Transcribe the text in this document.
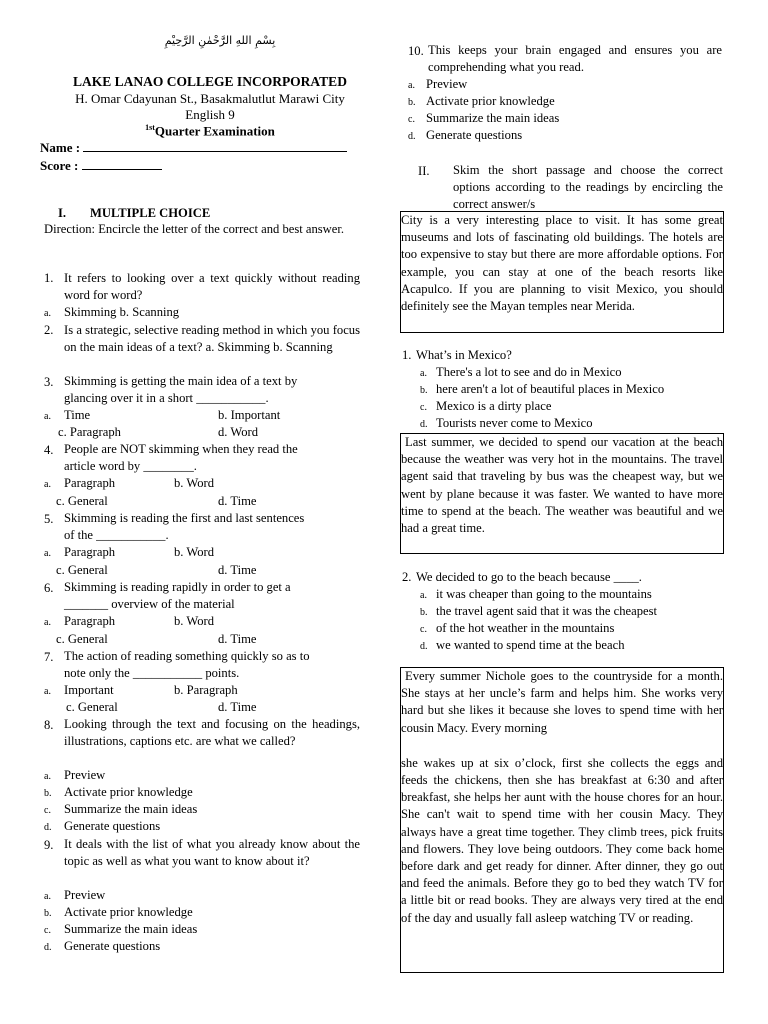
بِسْمِ اللهِ الرَّحْمٰنِ الرَّحِيْمِ
LAKE LANAO COLLEGE INCORPORATED
H. Omar Cdayunan St., Basakmalutlut Marawi City
English 9
$^{1st}$Quarter Examination
Name :
Score :
I. MULTIPLE CHOICE
Direction: Encircle the letter of the correct and best answer.
1. It refers to looking over a text quickly without reading word for word?
a. Skimming b. Scanning
2. Is a strategic, selective reading method in which you focus on the main ideas of a text? a. Skimming b. Scanning
3. Skimming is getting the main idea of a text by
glancing over it in a short ___________.
a. Time	b. Important
c. Paragraph	d. Word
4. People are NOT skimming when they read the
article word by ________.
a. Paragraph	b. Word
c. General	d. Time
5. Skimming is reading the first and last sentences
of the ___________.
a. Paragraph	b. Word
c. General	d. Time
6. Skimming is reading rapidly in order to get a
_______ overview of the material
a. Paragraph	b. Word
c. General	d. Time
7. The action of reading something quickly so as to
note only the ___________ points.
a. Important	b. Paragraph
c. General	d. Time
8. Looking through the text and focusing on the headings, illustrations, captions etc. are what we called?
a. Preview
b. Activate prior knowledge
c. Summarize the main ideas
d. Generate questions
9. It deals with the list of what you already know about the topic as well as what you want to know about it?
a. Preview
b. Activate prior knowledge
c. Summarize the main ideas
d. Generate questions
10. This keeps your brain engaged and ensures you are comprehending what you read.
a. Preview
b. Activate prior knowledge
c. Summarize the main ideas
d. Generate questions
II. Skim the short passage and choose the correct options according to the readings by encircling the correct answer/s

City is a very interesting place to visit. It has some great museums and lots of fascinating old buildings. The hotels are too expensive to stay but there are more affordable options. For example, you can stay at one of the beach resorts like Acapulco. If you are planning to visit Mexico, you should definitely see the Mayan temples near Merida.

1. What’s in Mexico?
a. There's a lot to see and do in Mexico
b. here aren't a lot of beautiful places in Mexico
c. Mexico is a dirty place
d. Tourists never come to Mexico

Last summer, we decided to spend our vacation at the beach because the weather was very hot in the mountains. The travel agent said that traveling by bus was the cheapest way, but we went by plane because it was faster. We wanted to have more time to spend at the beach. The weather was beautiful and we had a great time.

2. We decided to go to the beach because ____.
a. it was cheaper than going to the mountains
b. the travel agent said that it was the cheapest
c. of the hot weather in the mountains
d. we wanted to spend time at the beach

Every summer Nichole goes to the countryside for a month. She stays at her uncle’s farm and helps him. She works very hard but she likes it because she loves to spend time with her cousin Macy. Every morning

she wakes up at six o’clock, first she collects the eggs and feeds the chickens, then she has breakfast at 6:30 and after breakfast, she helps her aunt with the house chores for an hour. She can't wait to spend time with her cousin Macy. They always have a great time together. They climb trees, pick fruits and flowers. They love being outdoors. They come back home before dark and get ready for dinner. After dinner, they go out and feed the animals. Before they go to bed they watch TV for a little bit or read books. They are always very tired at the end of the day and usually fall asleep watching TV or reading.
